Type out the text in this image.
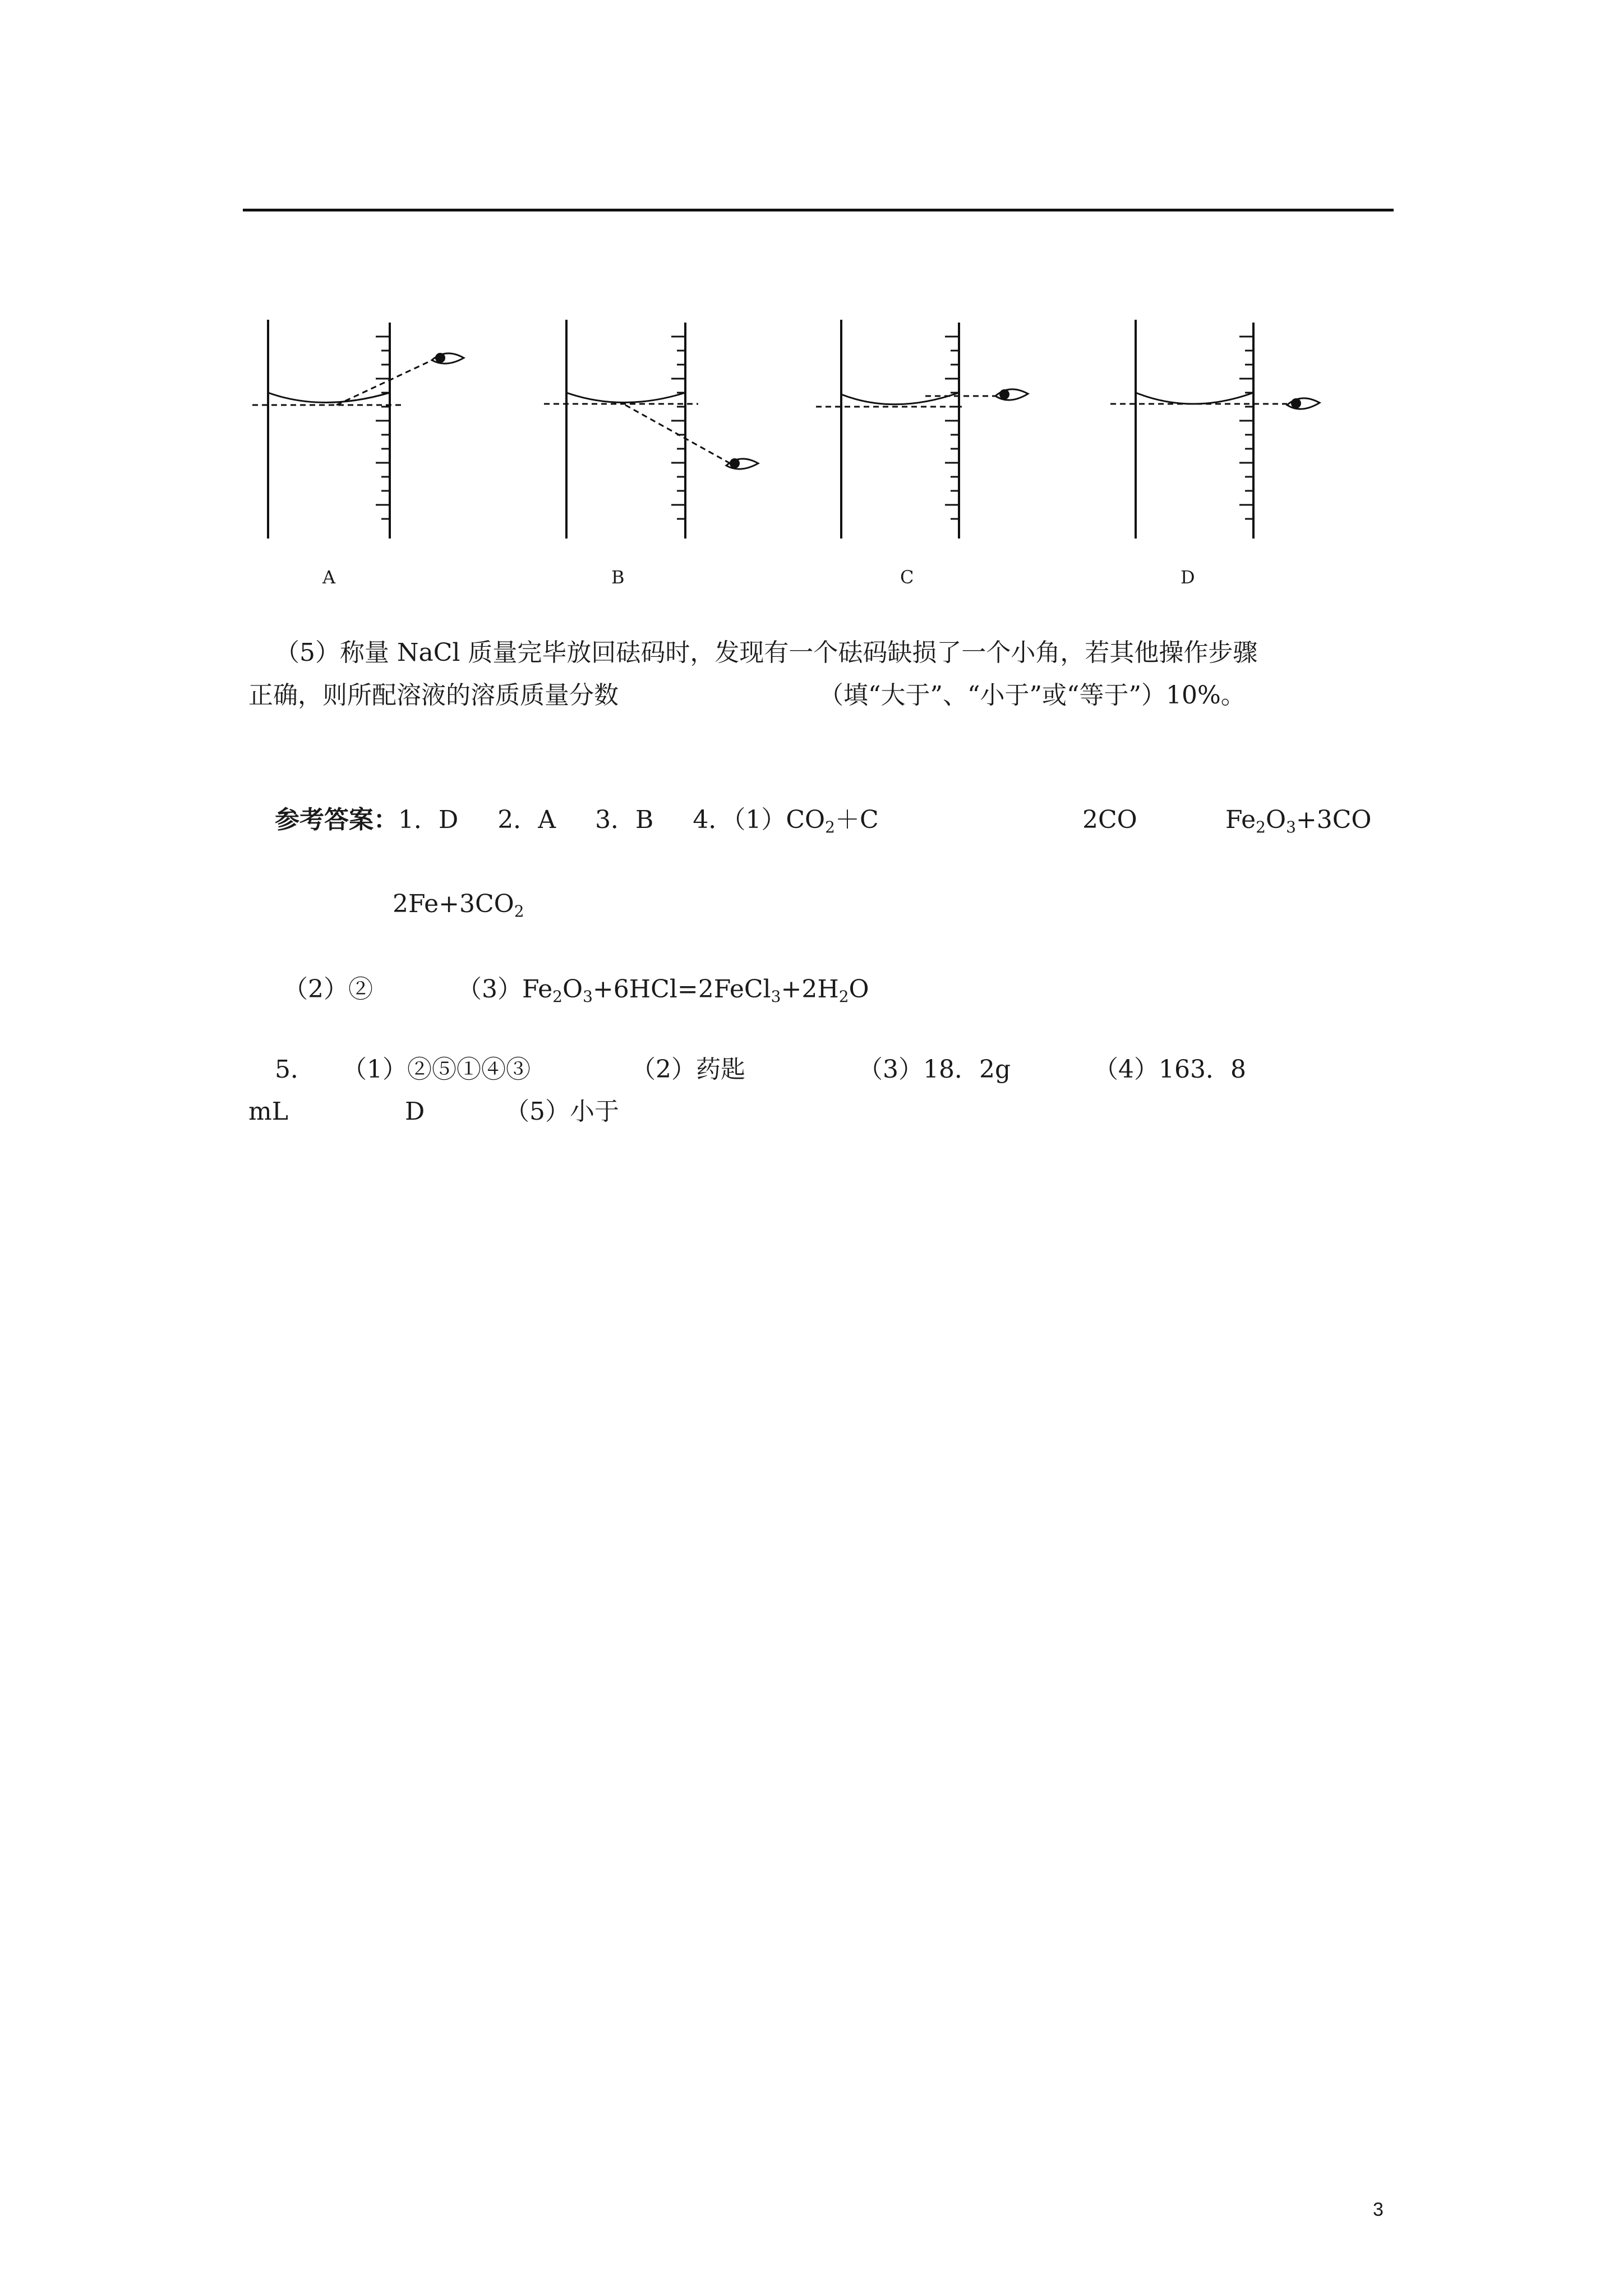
A	B	C	D
（5）称量 NaCl 质量完毕放回砝码时，发现有一个砝码缺损了一个小角，若其他操作步骤
正确，则所配溶液的溶质质量分数	（填“大于”、“小于”或“等于”）10%。
参考答案：1．D 2．A 3．B 4．$(1)CO_2+C$	2CO	$Fe_2O_3+3CO$
$2Fe+3CO_2$
（2）②	$(3)Fe_2O_3+6HCl=2FeCl_3+2H_2O$
5． （1）②⑤①④③	（2）药匙	（3）18．2g	（4）163．8
mL	D	（5）小于
3
